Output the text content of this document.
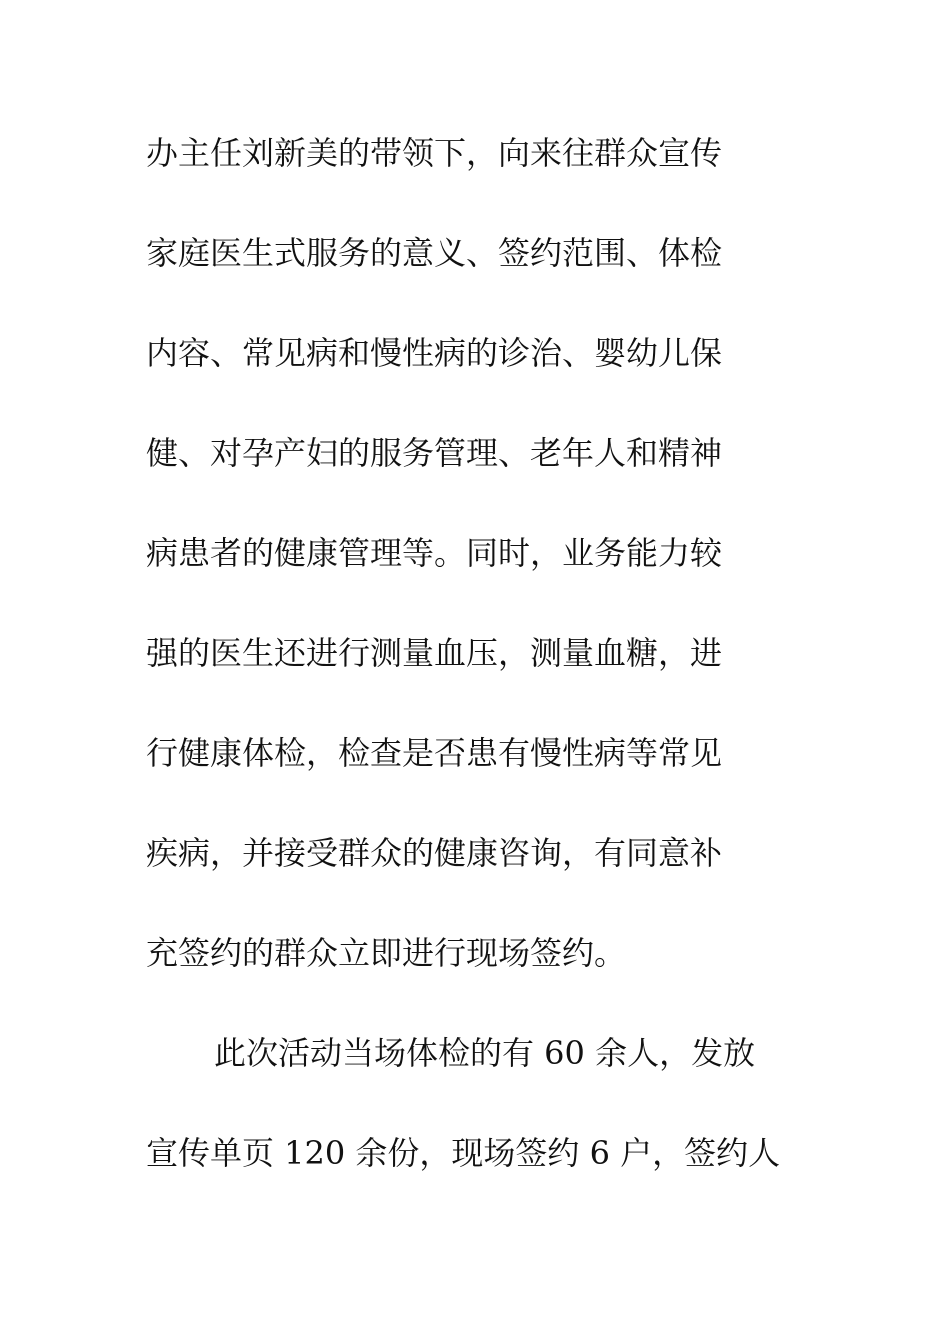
办主任刘新美的带领下，向来往群众宣传
家庭医生式服务的意义、签约范围、体检
内容、常见病和慢性病的诊治、婴幼儿保
健、对孕产妇的服务管理、老年人和精神
病患者的健康管理等。同时，业务能力较
强的医生还进行测量血压，测量血糖，进
行健康体检，检查是否患有慢性病等常见
疾病，并接受群众的健康咨询，有同意补
充签约的群众立即进行现场签约。
此次活动当场体检的有 60 余人，发放
宣传单页 120 余份，现场签约 6 户，签约人
